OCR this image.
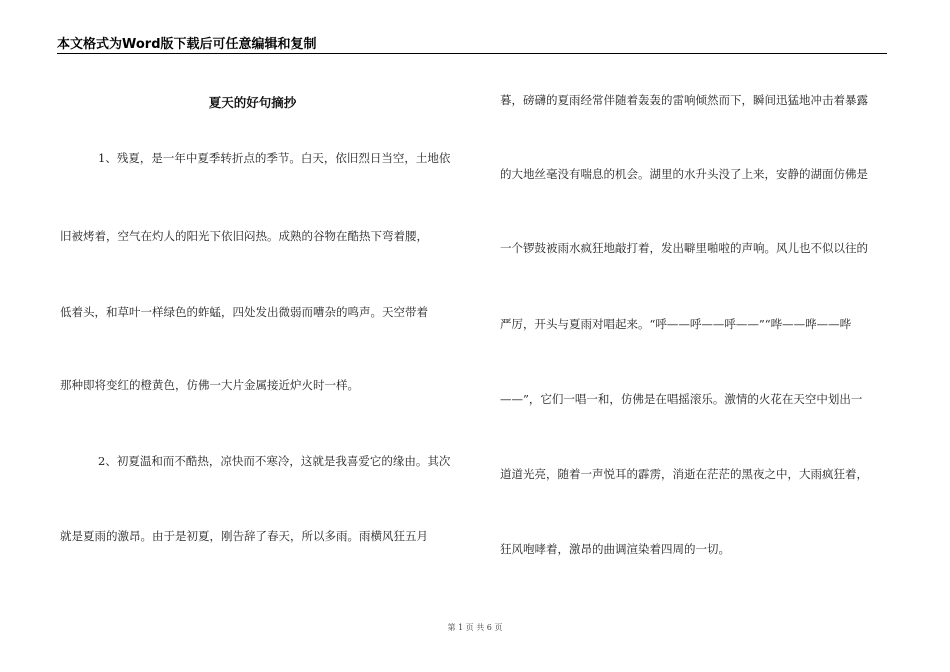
本文格式为Word版下载后可任意编辑和复制
夏天的好句摘抄
1、残夏，是一年中夏季转折点的季节。白天，依旧烈日当空，土地依
旧被烤着，空气在灼人的阳光下依旧闷热。成熟的谷物在酷热下弯着腰，
低着头，和草叶一样绿色的蚱蜢，四处发出微弱而嘈杂的鸣声。天空带着
那种即将变红的橙黄色，仿佛一大片金属接近炉火时一样。
2、初夏温和而不酷热，凉快而不寒冷，这就是我喜爱它的缘由。其次
就是夏雨的激昂。由于是初夏，刚告辞了春天，所以多雨。雨横风狂五月
暮，磅礴的夏雨经常伴随着轰轰的雷响倾然而下，瞬间迅猛地冲击着暴露
的大地丝毫没有喘息的机会。湖里的水升头没了上来，安静的湖面仿佛是
一个锣鼓被雨水疯狂地敲打着，发出噼里啪啦的声响。风儿也不似以往的
严厉，开头与夏雨对唱起来。“呼——呼——呼——”“哗——哗——哗
——”，它们一唱一和，仿佛是在唱摇滚乐。激情的火花在天空中划出一
道道光亮，随着一声悦耳的霹雳，消逝在茫茫的黑夜之中，大雨疯狂着，
狂风咆哮着，激昂的曲调渲染着四周的一切。
第 1 页 共 6 页
